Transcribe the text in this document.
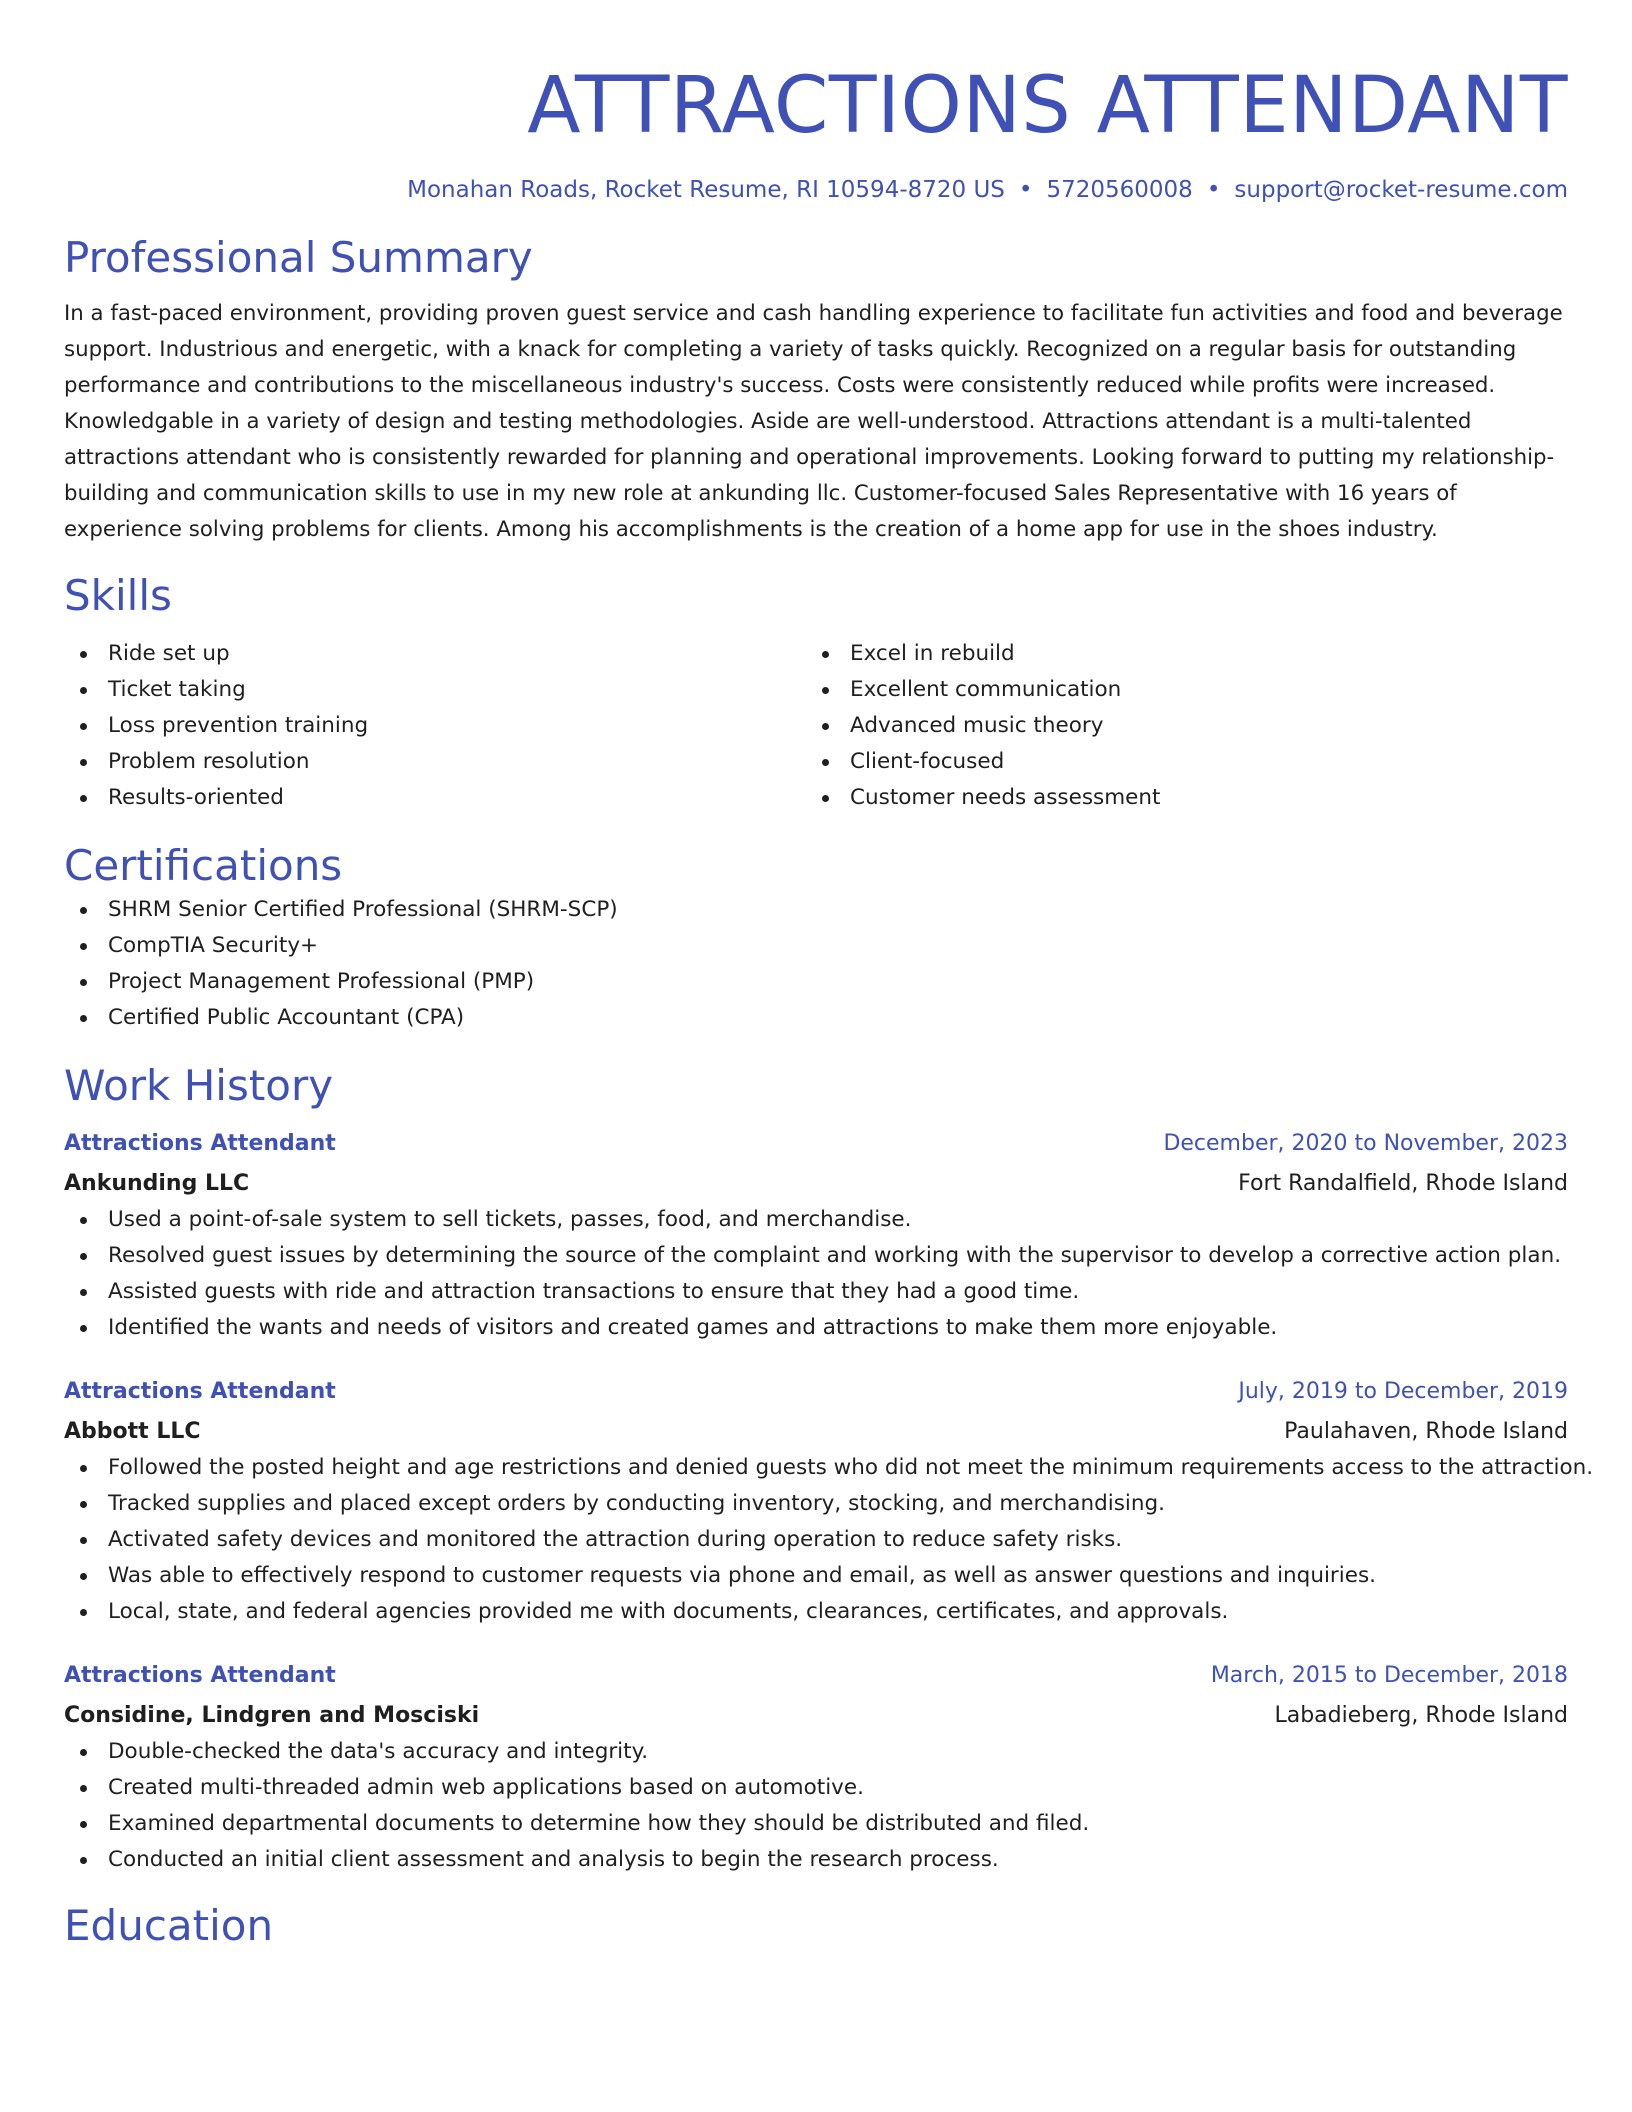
ATTRACTIONS ATTENDANT
Monahan Roads, Rocket Resume, RI 10594-8720 US • 5720560008 • support@rocket-resume.com
Professional Summary

In a fast-paced environment, providing proven guest service and cash handling experience to facilitate fun activities and food and beverage support. Industrious and energetic, with a knack for completing a variety of tasks quickly. Recognized on a regular basis for outstanding performance and contributions to the miscellaneous industry's success. Costs were consistently reduced while profits were increased. Knowledgable in a variety of design and testing methodologies. Aside are well-understood. Attractions attendant is a multi-talented attractions attendant who is consistently rewarded for planning and operational improvements. Looking forward to putting my relationship-building and communication skills to use in my new role at ankunding llc. Customer-focused Sales Representative with 16 years of experience solving problems for clients. Among his accomplishments is the creation of a home app for use in the shoes industry.

Skills
Ride set up
Ticket taking
Loss prevention training
Problem resolution
Results-oriented
Excel in rebuild
Excellent communication
Advanced music theory
Client-focused
Customer needs assessment
Certifications
SHRM Senior Certified Professional (SHRM-SCP)
CompTIA Security+
Project Management Professional (PMP)
Certified Public Accountant (CPA)
Work History
Attractions Attendant	December, 2020 to November, 2023
Ankunding LLC	Fort Randalfield, Rhode Island
Used a point-of-sale system to sell tickets, passes, food, and merchandise.
Resolved guest issues by determining the source of the complaint and working with the supervisor to develop a corrective action plan.
Assisted guests with ride and attraction transactions to ensure that they had a good time.
Identified the wants and needs of visitors and created games and attractions to make them more enjoyable.
Attractions Attendant	July, 2019 to December, 2019
Abbott LLC	Paulahaven, Rhode Island
Followed the posted height and age restrictions and denied guests who did not meet the minimum requirements access to the attraction.
Tracked supplies and placed except orders by conducting inventory, stocking, and merchandising.
Activated safety devices and monitored the attraction during operation to reduce safety risks.
Was able to effectively respond to customer requests via phone and email, as well as answer questions and inquiries.
Local, state, and federal agencies provided me with documents, clearances, certificates, and approvals.
Attractions Attendant	March, 2015 to December, 2018
Considine, Lindgren and Mosciski	Labadieberg, Rhode Island
Double-checked the data's accuracy and integrity.
Created multi-threaded admin web applications based on automotive.
Examined departmental documents to determine how they should be distributed and filed.
Conducted an initial client assessment and analysis to begin the research process.
Education
